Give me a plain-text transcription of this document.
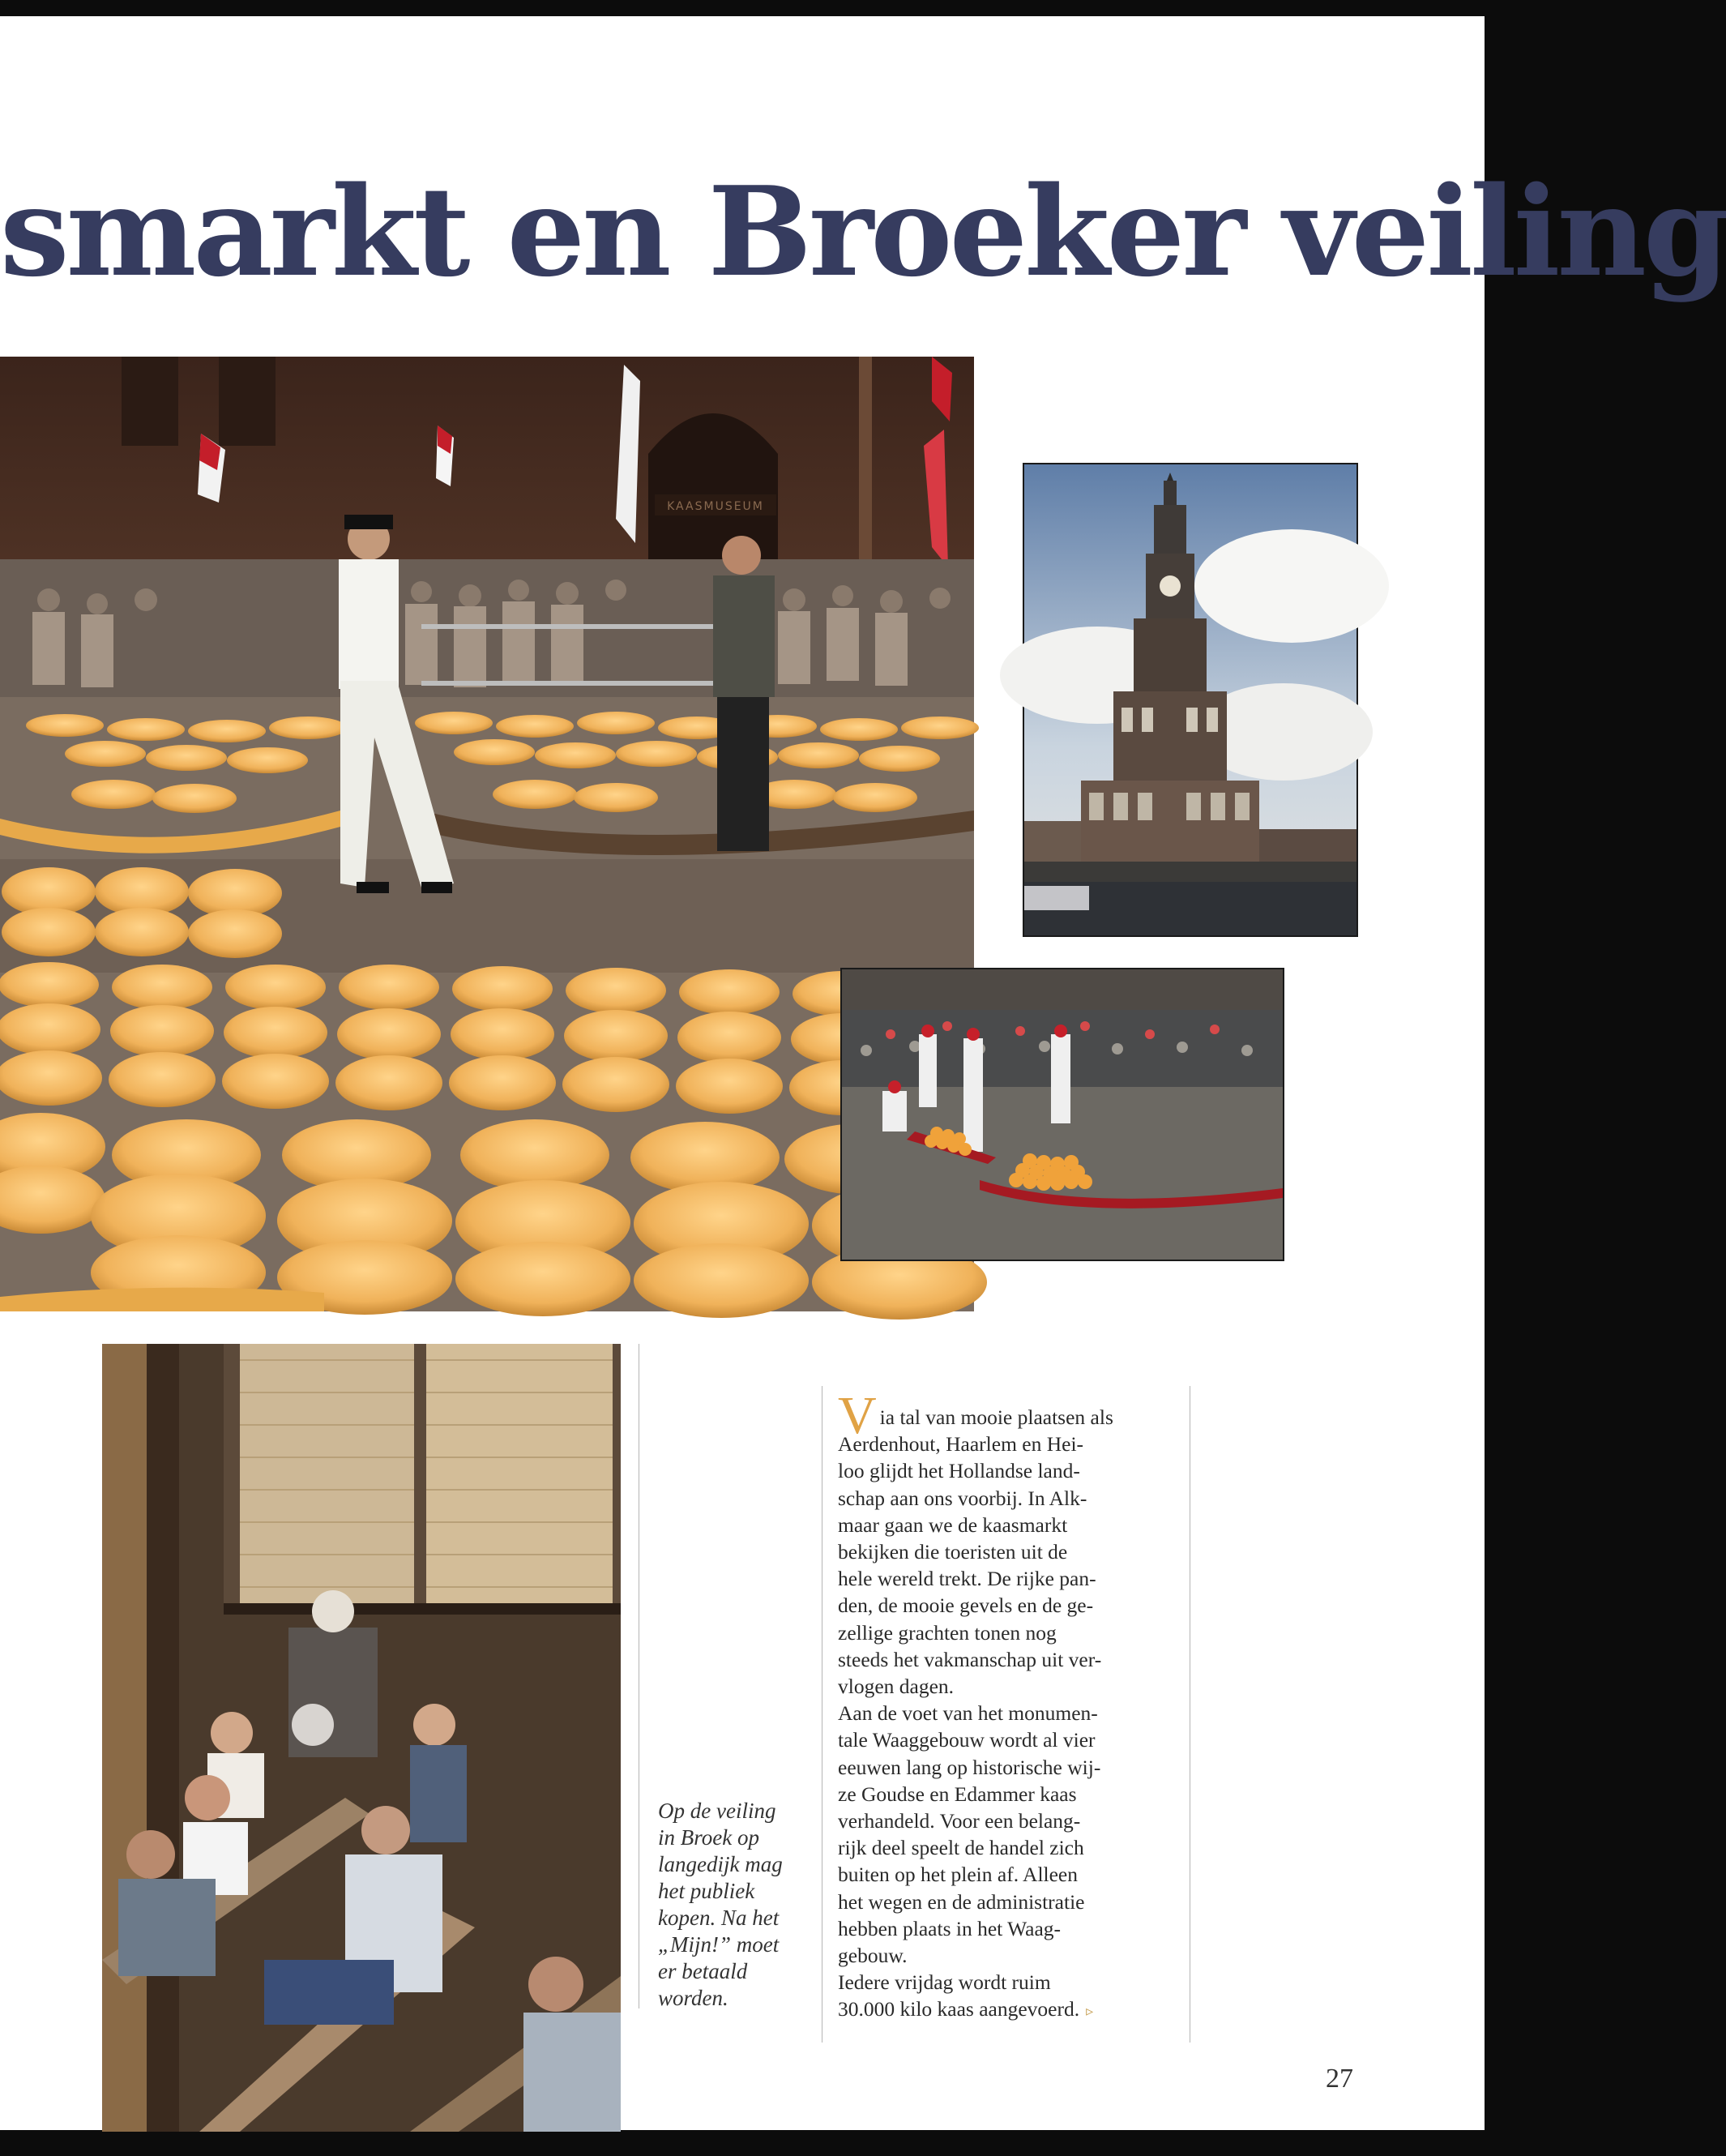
smarkt en Broeker veiling
KAASMUSEUM
Op de veiling
in Broek op
langedijk mag
het publiek
kopen. Na het
„Mijn!” moet
er betaald
worden.
Via tal van mooie plaatsen als
Aerdenhout, Haarlem en Hei-
loo glijdt het Hollandse land-
schap aan ons voorbij. In Alk-
maar gaan we de kaasmarkt
bekijken die toeristen uit de
hele wereld trekt. De rijke pan-
den, de mooie gevels en de ge-
zellige grachten tonen nog
steeds het vakmanschap uit ver-
vlogen dagen.
Aan de voet van het monumen-
tale Waaggebouw wordt al vier
eeuwen lang op historische wij-
ze Goudse en Edammer kaas
verhandeld. Voor een belang-
rijk deel speelt de handel zich
buiten op het plein af. Alleen
het wegen en de administratie
hebben plaats in het Waag-
gebouw.
Iedere vrijdag wordt ruim
30.000 kilo kaas aangevoerd. ▹
27
